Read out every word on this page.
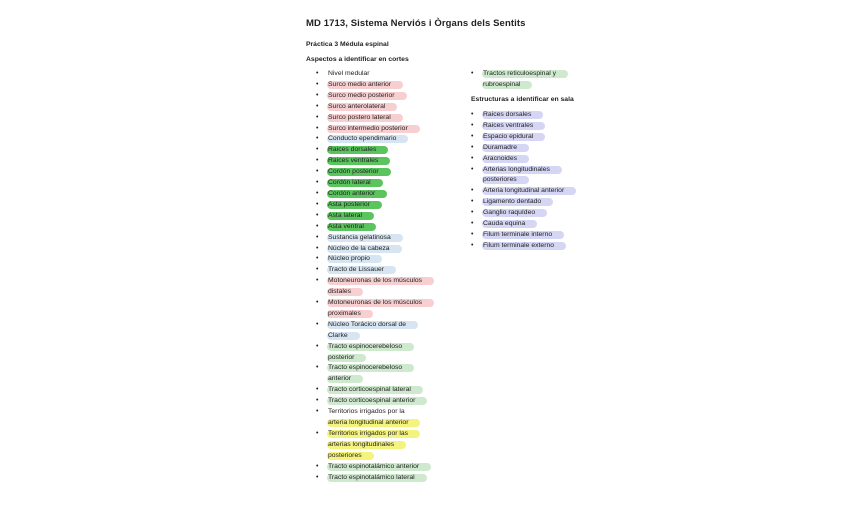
MD 1713, Sistema Nerviós i Òrgans dels Sentits
Práctica 3 Médula espinal
Aspectos a identificar en cortes
• Nivel medular
• Surco medio anterior
• Surco medio posterior
• Surco anterolateral
• Surco postero lateral
• Surco intermedio posterior
• Conducto ependimario
• Raices dorsales
• Raices ventrales
• Cordón posterior
• Cordón lateral
• Cordón anterior
• Asta posterior
• Asta lateral
• Asta ventral
• Sustancia gelatinosa
• Núcleo de la cabeza
• Núcleo propio
• Tracto de Lissauer
• Motoneuronas de los músculos
distales
• Motoneuronas de los músculos
proximales
• Núcleo Torácico dorsal de
Clarke
• Tracto espinocerebeloso
posterior
• Tracto espinocerebeloso
anterior
• Tracto corticoespinal lateral
• Tracto corticoespinal anterior
• Territorios irrigados por la
arteria longitudinal anterior
• Territorios irrigados por las
arterias longitudinales
posteriores
• Tracto espinotalámico anterior
• Tracto espinotalámico lateral
• Tractos reticuloespinal y
rubroespinal
Estructuras a identificar en sala
• Raices dorsales
• Raices ventrales
• Espacio epidural
• Duramadre
• Aracnoides
• Arterias longitudinales
posteriores
• Arteria longitudinal anterior
• Ligamento dentado
• Ganglio raquídeo
• Cauda equina
• Filum terminale interno
• Filum terminale externo
